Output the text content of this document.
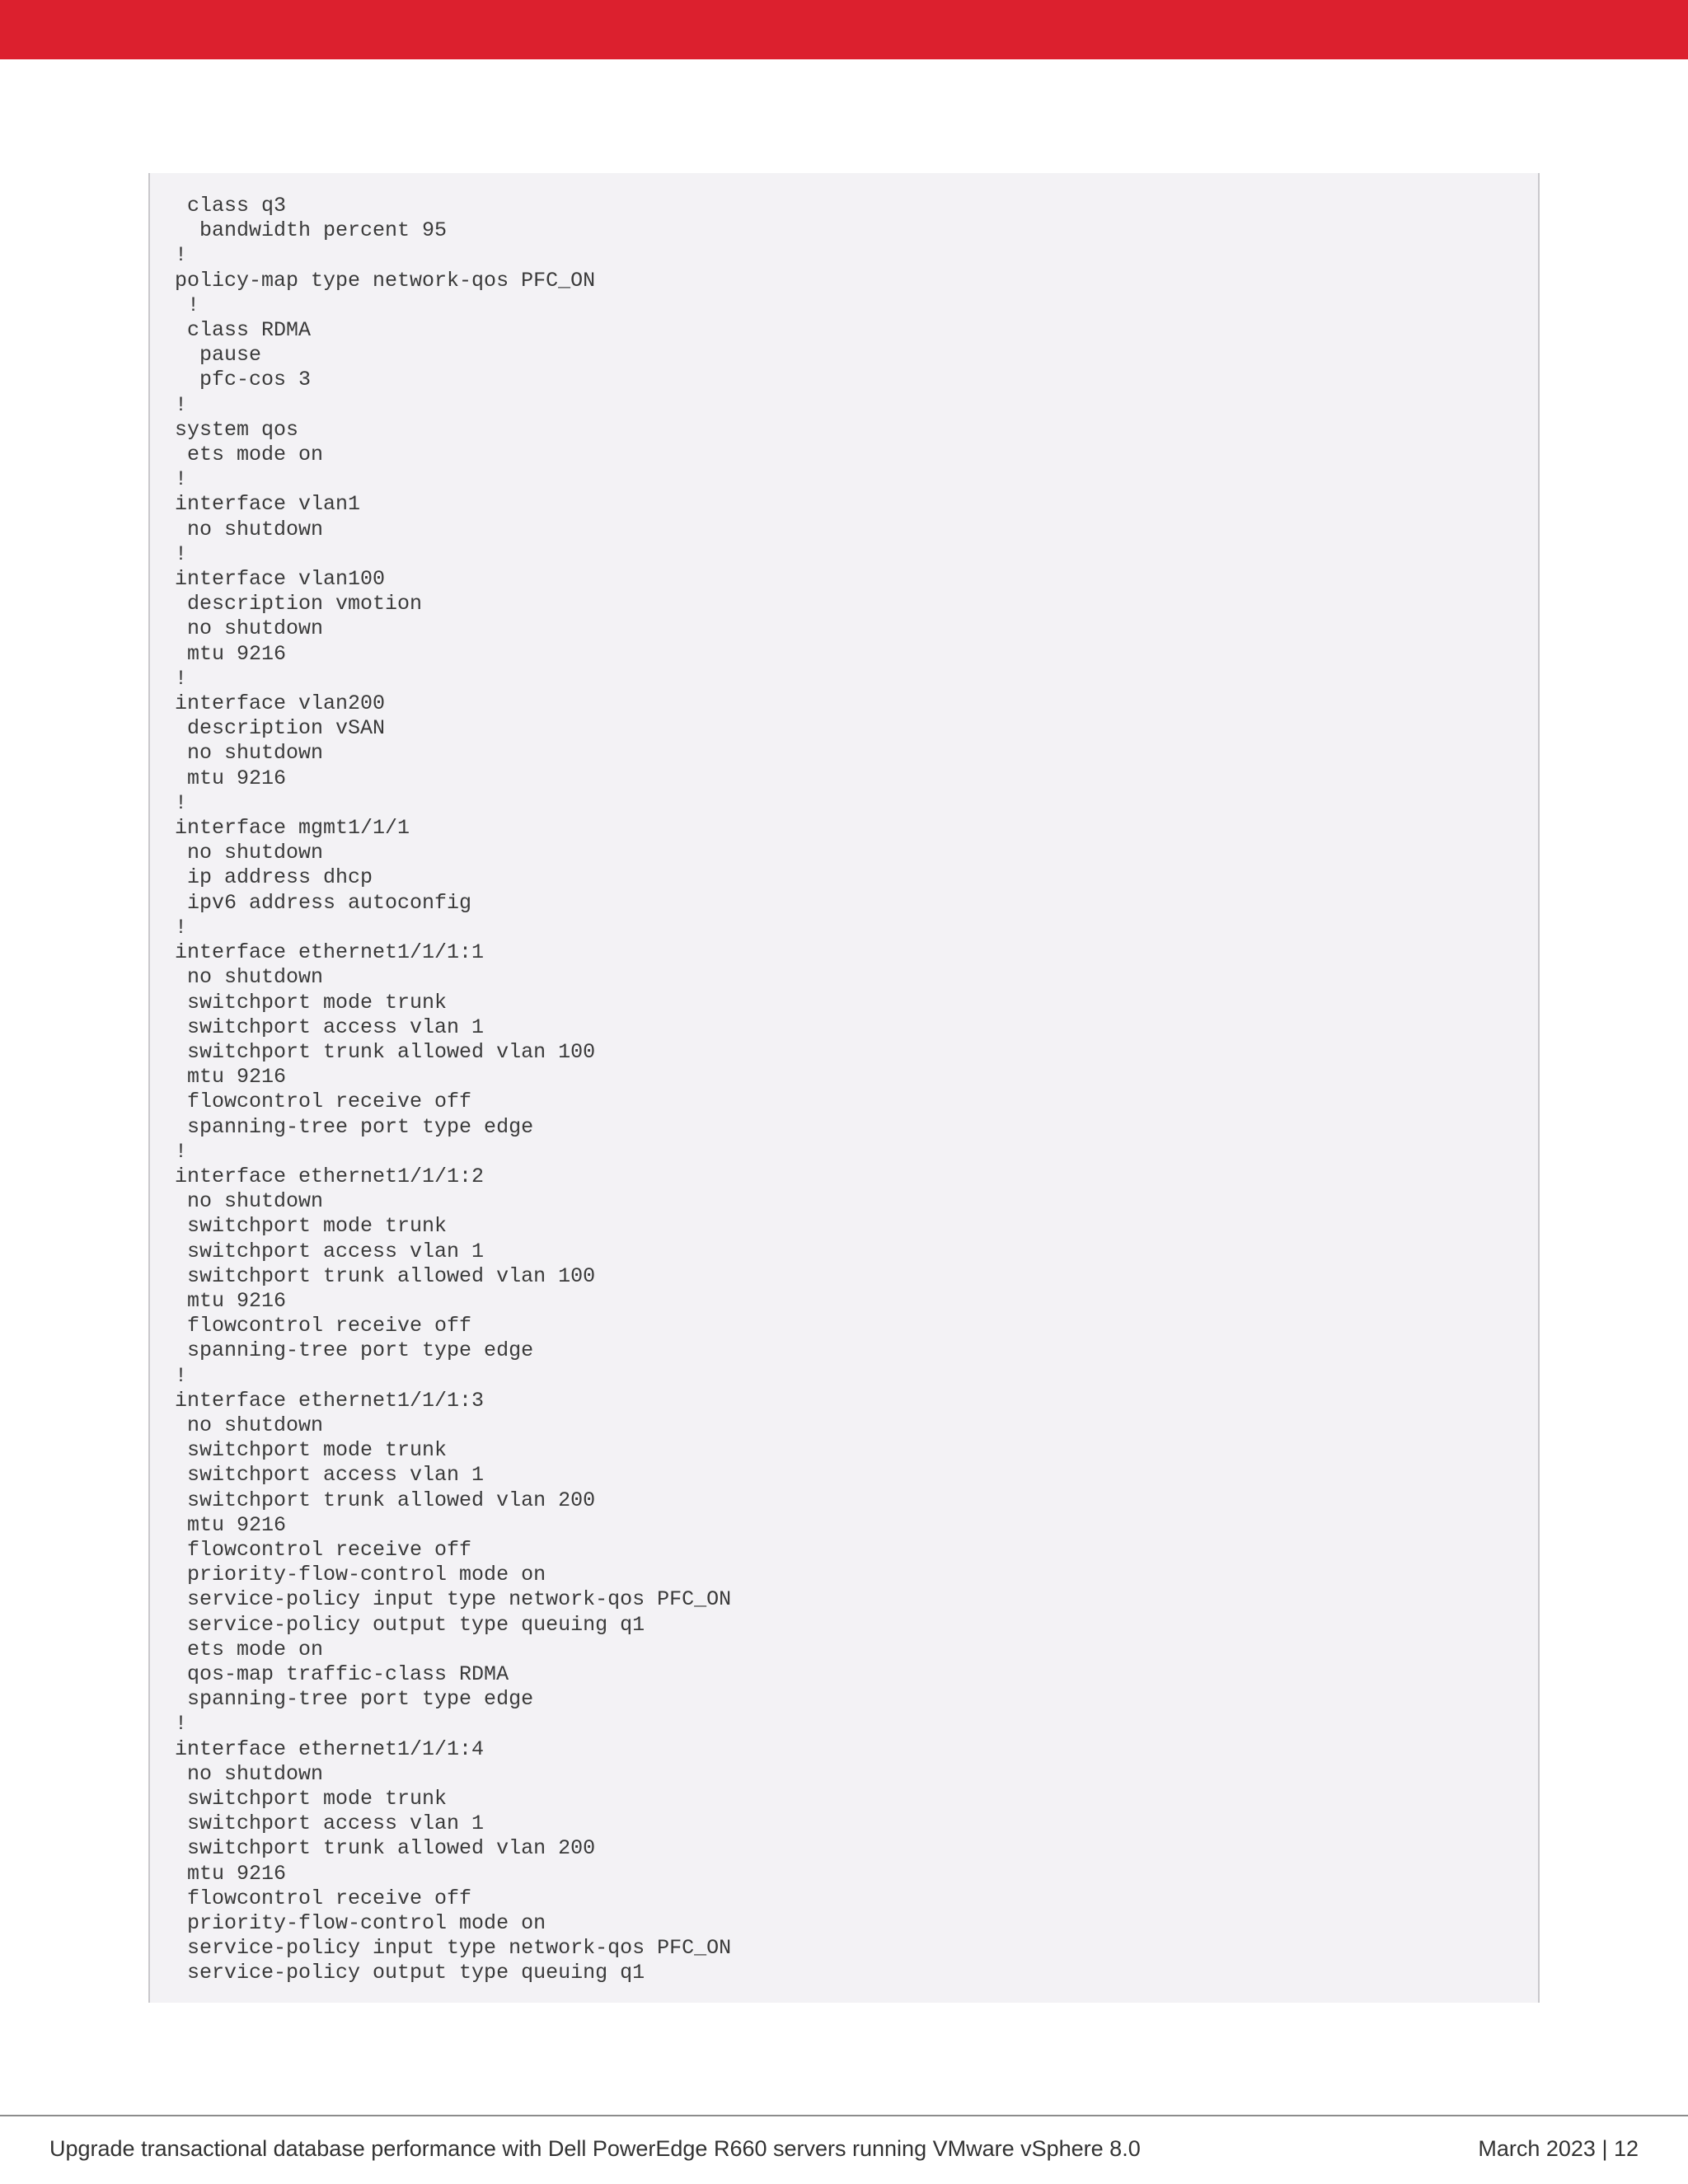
class q3
bandwidth percent 95
!
policy-map type network-qos PFC_ON
!
class RDMA
pause
pfc-cos 3
!
system qos
ets mode on
!
interface vlan1
no shutdown
!
interface vlan100
description vmotion
no shutdown
mtu 9216
!
interface vlan200
description vSAN
no shutdown
mtu 9216
!
interface mgmt1/1/1
no shutdown
ip address dhcp
ipv6 address autoconfig
!
interface ethernet1/1/1:1
no shutdown
switchport mode trunk
switchport access vlan 1
switchport trunk allowed vlan 100
mtu 9216
flowcontrol receive off
spanning-tree port type edge
!
interface ethernet1/1/1:2
no shutdown
switchport mode trunk
switchport access vlan 1
switchport trunk allowed vlan 100
mtu 9216
flowcontrol receive off
spanning-tree port type edge
!
interface ethernet1/1/1:3
no shutdown
switchport mode trunk
switchport access vlan 1
switchport trunk allowed vlan 200
mtu 9216
flowcontrol receive off
priority-flow-control mode on
service-policy input type network-qos PFC_ON
service-policy output type queuing q1
ets mode on
qos-map traffic-class RDMA
spanning-tree port type edge
!
interface ethernet1/1/1:4
no shutdown
switchport mode trunk
switchport access vlan 1
switchport trunk allowed vlan 200
mtu 9216
flowcontrol receive off
priority-flow-control mode on
service-policy input type network-qos PFC_ON
service-policy output type queuing q1
Upgrade transactional database performance with Dell PowerEdge R660 servers running VMware vSphere 8.0	March 2023 | 12
